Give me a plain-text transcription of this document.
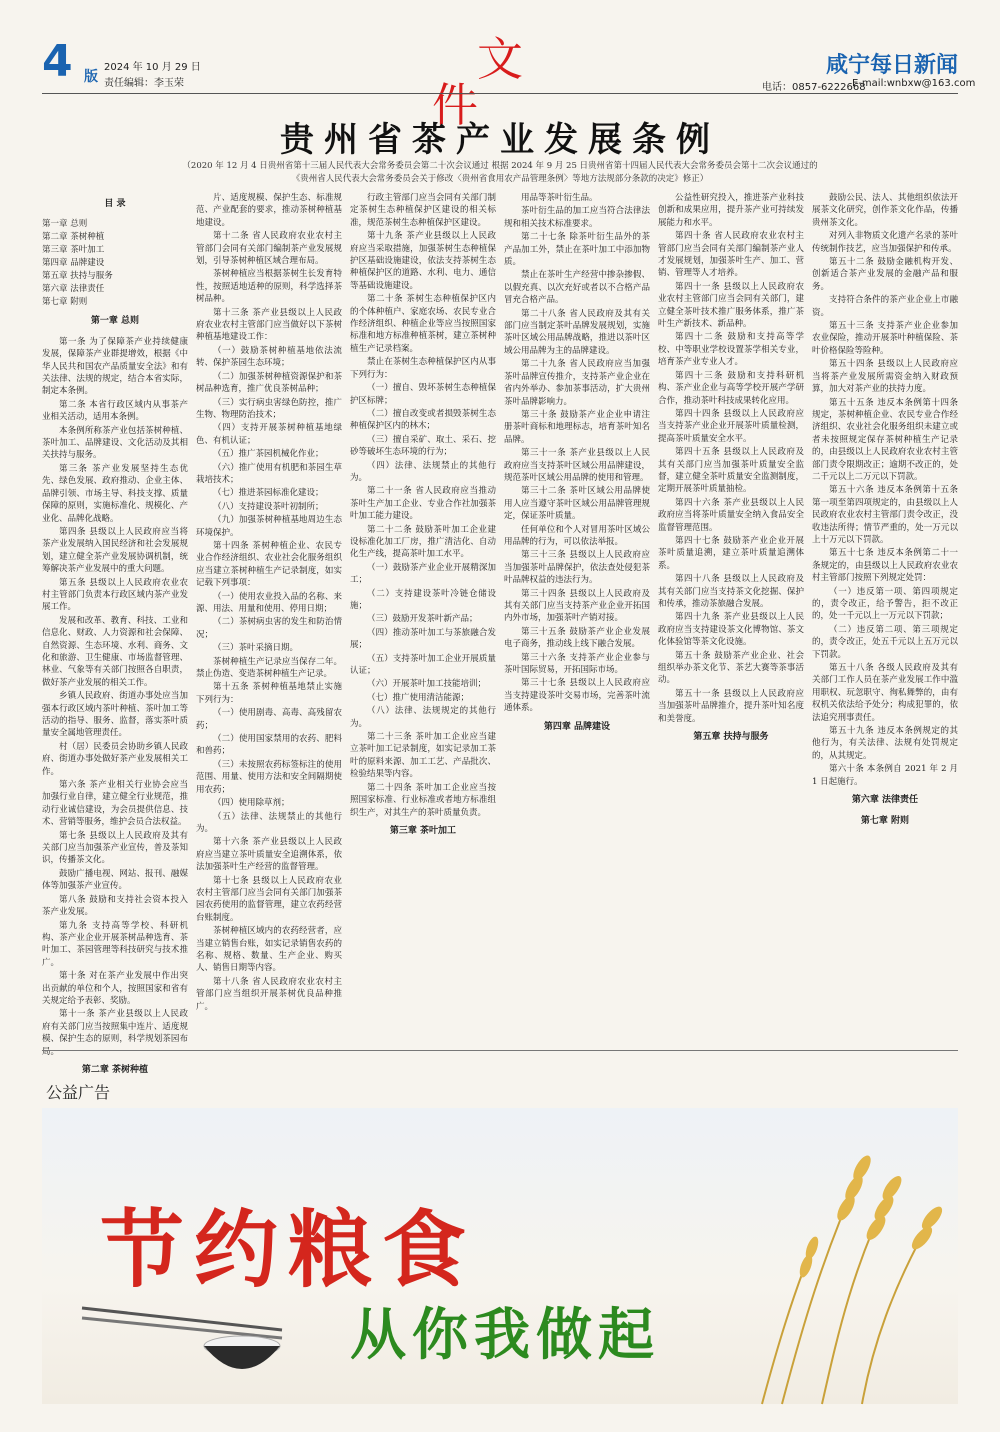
4 版
2024 年 10 月 29 日
责任编辑：李玉荣	文件
咸宁每日新闻
电话：0857-6222668
E-mail:wnbxw@163.com
贵州省茶产业发展条例
（2020 年 12 月 4 日贵州省第十三届人民代表大会常务委员会第二十次会议通过 根据 2024 年 9 月 25 日贵州省第十四届人民代表大会常务委员会第十二次会议通过的《贵州省人民代表大会常务委员会关于修改〈贵州省食用农产品管理条例〉等地方法规部分条款的决定》修正）
目 录
第一章 总则
第二章 茶树种植
第三章 茶叶加工
第四章 品牌建设
第五章 扶持与服务
第六章 法律责任
第七章 附则
第一章 总则

第一条 为了保障茶产业持续健康发展，保障茶产业群提增效，根据《中华人民共和国农产品质量安全法》和有关法律、法规的规定，结合本省实际，制定本条例。

第二条 本省行政区域内从事茶产业相关活动，适用本条例。

本条例所称茶产业包括茶树种植、茶叶加工、品牌建设、文化活动及其相关扶持与服务。

第三条 茶产业发展坚持生态优先、绿色发展、政府推动、企业主体、品牌引领、市场主导、科技支撑、质量保障的原则，实施标准化、规模化、产业化、品牌化战略。

第四条 县级以上人民政府应当将茶产业发展纳入国民经济和社会发展规划，建立健全茶产业发展协调机制，统筹解决茶产业发展中的重大问题。

第五条 县级以上人民政府农业农村主管部门负责本行政区域内茶产业发展工作。

发展和改革、教育、科技、工业和信息化、财政、人力资源和社会保障、自然资源、生态环境、水利、商务、文化和旅游、卫生健康、市场监督管理、林业、气象等有关部门按照各自职责，做好茶产业发展的相关工作。

乡镇人民政府、街道办事处应当加强本行政区域内茶叶种植、茶叶加工等活动的指导、服务、监督，落实茶叶质量安全属地管理责任。

村（居）民委员会协助乡镇人民政府、街道办事处做好茶产业发展相关工作。

第六条 茶产业相关行业协会应当加强行业自律，建立健全行业规范，推动行业诚信建设，为会员提供信息、技术、营销等服务，维护会员合法权益。

第七条 县级以上人民政府及其有关部门应当加强茶产业宣传，普及茶知识，传播茶文化。

鼓励广播电视、网站、报刊、融媒体等加强茶产业宣传。

第八条 鼓励和支持社会资本投入茶产业发展。

第九条 支持高等学校、科研机构、茶产业企业开展茶树品种选育、茶叶加工、茶园管理等科技研究与技术推广。

第十条 对在茶产业发展中作出突出贡献的单位和个人，按照国家和省有关规定给予表彰、奖励。

第十一条 茶产业县级以上人民政府有关部门应当按照集中连片、适度规模、保护生态的原则，科学规划茶园布局。

第二章 茶树种植

片、适度规模、保护生态、标准规范、产业配套的要求，推动茶树种植基地建设。

第十二条 省人民政府农业农村主管部门会同有关部门编制茶产业发展规划，引导茶树种植区域合理布局。

茶树种植应当根据茶树生长发育特性，按照适地适种的原则，科学选择茶树品种。

第十三条 茶产业县级以上人民政府农业农村主管部门应当做好以下茶树种植基地建设工作：

（一）鼓励茶树种植基地依法流转、保护茶园生态环境；

（二）加强茶树种植资源保护和茶树品种选育，推广优良茶树品种；

（三）实行病虫害绿色防控，推广生物、物理防治技术；

（四）支持开展茶树种植基地绿色、有机认证；

（五）推广茶园机械化作业；

（六）推广使用有机肥和茶园生草栽培技术；

（七）推进茶园标准化建设；

（八）支持建设茶叶初制所；

（九）加强茶树种植基地周边生态环境保护。

第十四条 茶树种植企业、农民专业合作经济组织、农业社会化服务组织应当建立茶树种植生产记录制度，如实记载下列事项：

（一）使用农业投入品的名称、来源、用法、用量和使用、停用日期；

（二）茶树病虫害的发生和防治情况；

（三）茶叶采摘日期。

茶树种植生产记录应当保存二年。禁止伪造、变造茶树种植生产记录。

第十五条 茶树种植基地禁止实施下列行为：

（一）使用剧毒、高毒、高残留农药；

（二）使用国家禁用的农药、肥料和兽药；

（三）未按照农药标签标注的使用范围、用量、使用方法和安全间隔期使用农药；

（四）使用除草剂；

（五）法律、法规禁止的其他行为。

第十六条 茶产业县级以上人民政府应当建立茶叶质量安全追溯体系，依法加强茶叶生产经营的监督管理。

第十七条 县级以上人民政府农业农村主管部门应当会同有关部门加强茶园农药使用的监督管理，建立农药经营台账制度。

茶树种植区域内的农药经营者，应当建立销售台账，如实记录销售农药的名称、规格、数量、生产企业、购买人、销售日期等内容。

第十八条 省人民政府农业农村主管部门应当组织开展茶树优良品种推广。

行政主管部门应当会同有关部门制定茶树生态种植保护区建设的相关标准，规范茶树生态种植保护区建设。

第十九条 茶产业县级以上人民政府应当采取措施，加强茶树生态种植保护区基础设施建设，依法支持茶树生态种植保护区的道路、水利、电力、通信等基础设施建设。

第二十条 茶树生态种植保护区内的个体种植户、家庭农场、农民专业合作经济组织、种植企业等应当按照国家标准和地方标准种植茶树，建立茶树种植生产记录档案。

禁止在茶树生态种植保护区内从事下列行为：

（一）擅自、毁坏茶树生态种植保护区标牌；

（二）擅自改变或者损毁茶树生态种植保护区内的林木；

（三）擅自采矿、取土、采石、挖砂等破坏生态环境的行为；

（四）法律、法规禁止的其他行为。

第二十一条 省人民政府应当推动茶叶生产加工企业、专业合作社加强茶叶加工能力建设。

第二十二条 鼓励茶叶加工企业建设标准化加工厂房，推广清洁化、自动化生产线，提高茶叶加工水平。

（一）鼓励茶产业企业开展精深加工；

（二）支持建设茶叶冷链仓储设施；

（三）鼓励开发茶叶新产品；

（四）推动茶叶加工与茶旅融合发展；

（五）支持茶叶加工企业开展质量认证；

（六）开展茶叶加工技能培训；

（七）推广使用清洁能源；

（八）法律、法规规定的其他行为。

第二十三条 茶叶加工企业应当建立茶叶加工记录制度，如实记录加工茶叶的原料来源、加工工艺、产品批次、检验结果等内容。

第二十四条 茶叶加工企业应当按照国家标准、行业标准或者地方标准组织生产，对其生产的茶叶质量负责。

第三章 茶叶加工

用品等茶叶衍生品。

茶叶衍生品的加工应当符合法律法规和相关技术标准要求。

第二十七条 除茶叶衍生品外的茶产品加工外，禁止在茶叶加工中添加物质。

禁止在茶叶生产经营中掺杂掺假、以假充真、以次充好或者以不合格产品冒充合格产品。

第二十八条 省人民政府及其有关部门应当制定茶叶品牌发展规划，实施茶叶区域公用品牌战略，推进以茶叶区域公用品牌为主的品牌建设。

第二十九条 省人民政府应当加强茶叶品牌宣传推介，支持茶产业企业在省内外举办、参加茶事活动，扩大贵州茶叶品牌影响力。

第三十条 鼓励茶产业企业申请注册茶叶商标和地理标志，培育茶叶知名品牌。

第三十一条 茶产业县级以上人民政府应当支持茶叶区域公用品牌建设，规范茶叶区域公用品牌的使用和管理。

第三十二条 茶叶区域公用品牌使用人应当遵守茶叶区域公用品牌管理规定，保证茶叶质量。

任何单位和个人对冒用茶叶区域公用品牌的行为，可以依法举报。

第三十三条 县级以上人民政府应当加强茶叶品牌保护，依法查处侵犯茶叶品牌权益的违法行为。

第三十四条 县级以上人民政府及其有关部门应当支持茶产业企业开拓国内外市场，加强茶叶产销对接。

第三十五条 鼓励茶产业企业发展电子商务，推动线上线下融合发展。

第三十六条 支持茶产业企业参与茶叶国际贸易，开拓国际市场。

第三十七条 县级以上人民政府应当支持建设茶叶交易市场，完善茶叶流通体系。

第四章 品牌建设

公益性研究投入，推进茶产业科技创新和成果应用，提升茶产业可持续发展能力和水平。

第四十条 省人民政府农业农村主管部门应当会同有关部门编制茶产业人才发展规划，加强茶叶生产、加工、营销、管理等人才培养。

第四十一条 县级以上人民政府农业农村主管部门应当会同有关部门，建立健全茶叶技术推广服务体系，推广茶叶生产新技术、新品种。

第四十二条 鼓励和支持高等学校、中等职业学校设置茶学相关专业，培育茶产业专业人才。

第四十三条 鼓励和支持科研机构、茶产业企业与高等学校开展产学研合作，推动茶叶科技成果转化应用。

第四十四条 县级以上人民政府应当支持茶产业企业开展茶叶质量检测，提高茶叶质量安全水平。

第四十五条 县级以上人民政府及其有关部门应当加强茶叶质量安全监督，建立健全茶叶质量安全监测制度，定期开展茶叶质量抽检。

第四十六条 茶产业县级以上人民政府应当将茶叶质量安全纳入食品安全监督管理范围。

第四十七条 鼓励茶产业企业开展茶叶质量追溯，建立茶叶质量追溯体系。

第四十八条 县级以上人民政府及其有关部门应当支持茶文化挖掘、保护和传承，推动茶旅融合发展。

第四十九条 茶产业县级以上人民政府应当支持建设茶文化博物馆、茶文化体验馆等茶文化设施。

第五十条 鼓励茶产业企业、社会组织举办茶文化节、茶艺大赛等茶事活动。

第五十一条 县级以上人民政府应当加强茶叶品牌推介，提升茶叶知名度和美誉度。

第五章 扶持与服务

鼓励公民、法人、其他组织依法开展茶文化研究，创作茶文化作品，传播贵州茶文化。

对列入非物质文化遗产名录的茶叶传统制作技艺，应当加强保护和传承。

第五十二条 鼓励金融机构开发、创新适合茶产业发展的金融产品和服务。

支持符合条件的茶产业企业上市融资。

第五十三条 支持茶产业企业参加农业保险，推动开展茶叶种植保险、茶叶价格保险等险种。

第五十四条 县级以上人民政府应当将茶产业发展所需资金纳入财政预算，加大对茶产业的扶持力度。

第五十五条 违反本条例第十四条规定，茶树种植企业、农民专业合作经济组织、农业社会化服务组织未建立或者未按照规定保存茶树种植生产记录的，由县级以上人民政府农业农村主管部门责令限期改正；逾期不改正的，处二千元以上二万元以下罚款。

第五十六条 违反本条例第十五条第一项至第四项规定的，由县级以上人民政府农业农村主管部门责令改正，没收违法所得；情节严重的，处一万元以上十万元以下罚款。

第五十七条 违反本条例第二十一条规定的，由县级以上人民政府农业农村主管部门按照下列规定处罚：

（一）违反第一项、第四项规定的，责令改正，给予警告，拒不改正的，处一千元以上一万元以下罚款；

（二）违反第二项、第三项规定的，责令改正，处五千元以上五万元以下罚款。

第五十八条 各级人民政府及其有关部门工作人员在茶产业发展工作中滥用职权、玩忽职守、徇私舞弊的，由有权机关依法给予处分；构成犯罪的，依法追究刑事责任。

第五十九条 违反本条例规定的其他行为，有关法律、法规有处罚规定的，从其规定。

第六十条 本条例自 2021 年 2 月 1 日起施行。

第六章 法律责任
第七章 附则
公益广告
节约粮食
从你我做起
